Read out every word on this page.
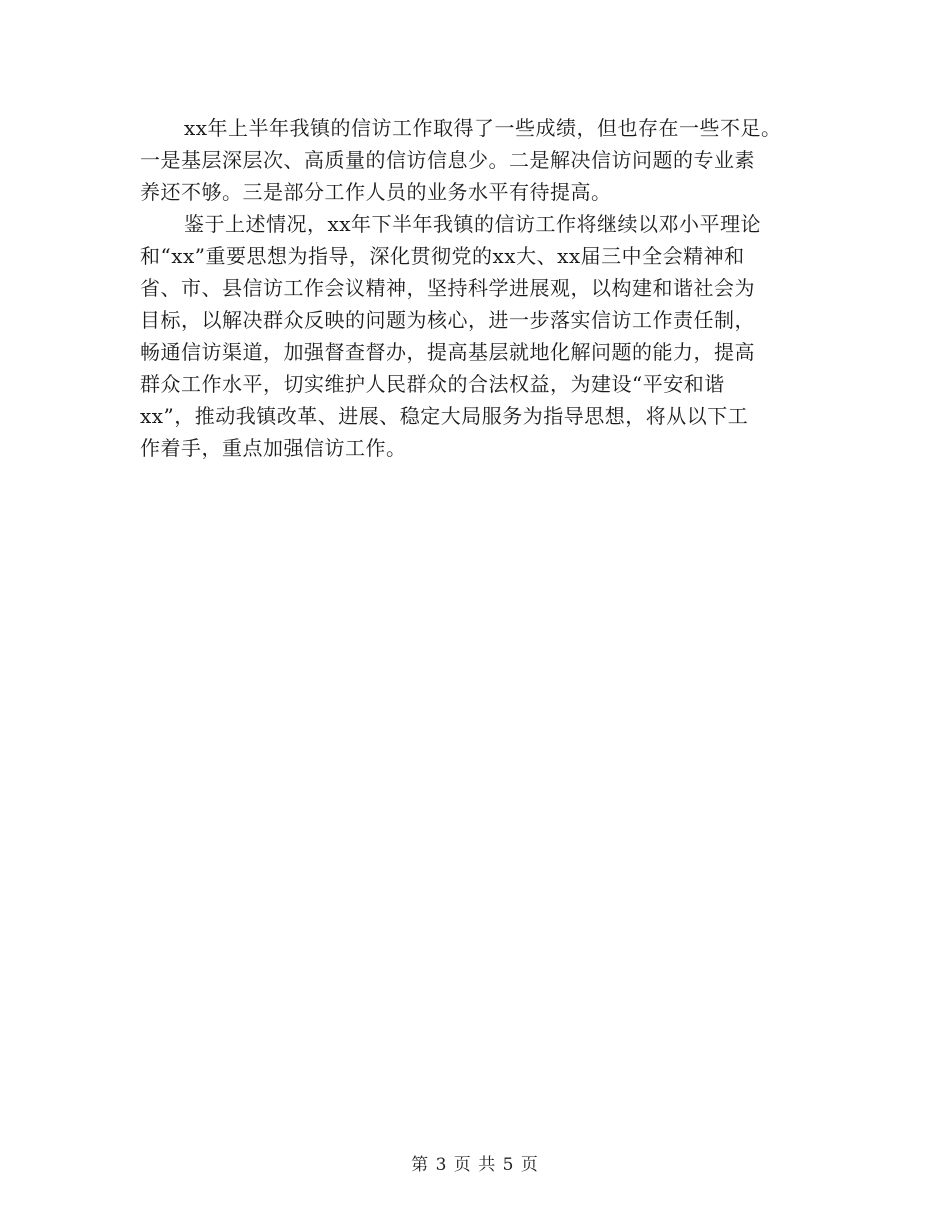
xx年上半年我镇的信访工作取得了一些成绩，但也存在一些不足。
一是基层深层次、高质量的信访信息少。二是解决信访问题的专业素
养还不够。三是部分工作人员的业务水平有待提高。
鉴于上述情况，xx年下半年我镇的信访工作将继续以邓小平理论
和“xx”重要思想为指导，深化贯彻党的xx大、xx届三中全会精神和
省、市、县信访工作会议精神，坚持科学进展观，以构建和谐社会为
目标，以解决群众反映的问题为核心，进一步落实信访工作责任制，
畅通信访渠道，加强督查督办，提高基层就地化解问题的能力，提高
群众工作水平，切实维护人民群众的合法权益，为建设“平安和谐
xx”，推动我镇改革、进展、稳定大局服务为指导思想，将从以下工
作着手，重点加强信访工作。
第 3 页 共 5 页
